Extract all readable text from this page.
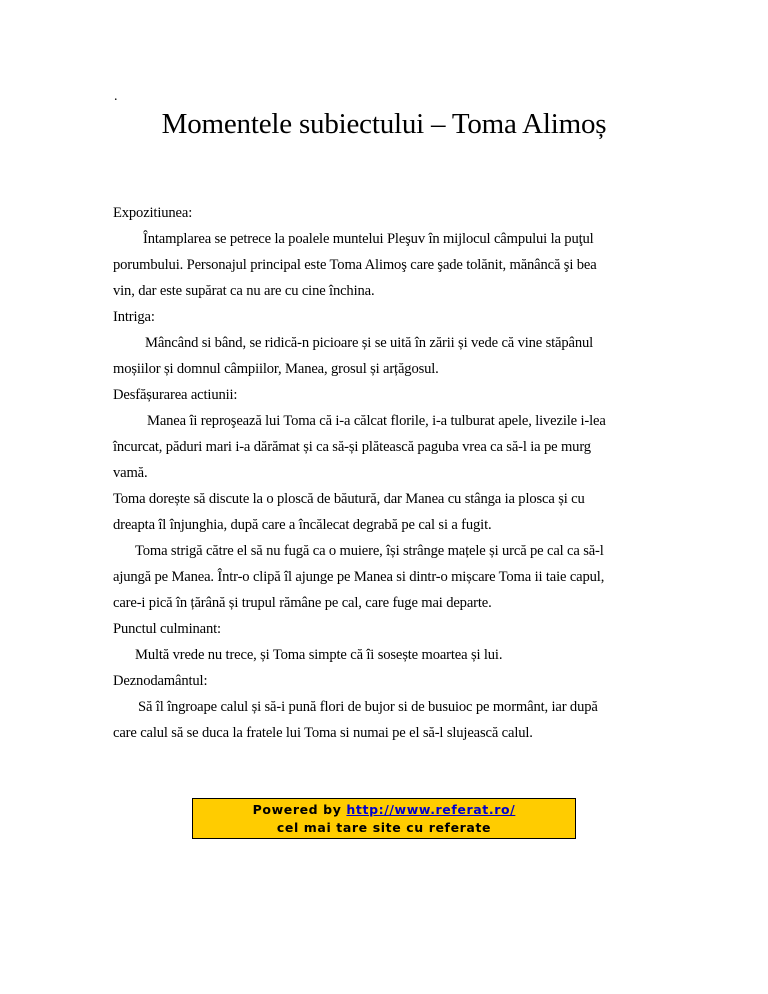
.
Momentele subiectului – Toma Alimoș
Expozitiunea:
Întamplarea se petrece la poalele muntelui Pleşuv în mijlocul câmpului la puţul
porumbului. Personajul principal este Toma Alimoş care şade tolănit, mănâncă şi bea
vin, dar este supărat ca nu are cu cine închina.
Intriga:
Mâncând si bând, se ridică-n picioare și se uită în zării și vede că vine stăpânul
moșiilor și domnul câmpiilor, Manea, grosul și arțăgosul.
Desfășurarea actiunii:
Manea îi reproşează lui Toma că i-a călcat florile, i-a tulburat apele, livezile i-lea
încurcat, păduri mari i-a dărămat și ca să-și plătească paguba vrea ca să-l ia pe murg
vamă.
Toma dorește să discute la o ploscă de băutură, dar Manea cu stânga ia plosca și cu
dreapta îl înjunghia, după care a încălecat degrabă pe cal si a fugit.
Toma strigă către el să nu fugă ca o muiere, își strânge mațele și urcă pe cal ca să-l
ajungă pe Manea. Într-o clipă îl ajunge pe Manea si dintr-o mișcare Toma ii taie capul,
care-i pică în țărână și trupul rămâne pe cal, care fuge mai departe.
Punctul culminant:
Multă vrede nu trece, și Toma simpte că îi sosește moartea și lui.
Deznodamântul:
Să îl îngroape calul și să-i pună flori de bujor si de busuioc pe mormânt, iar după
care calul să se duca la fratele lui Toma si numai pe el să-l slujească calul.
Powered by http://www.referat.ro/
cel mai tare site cu referate
